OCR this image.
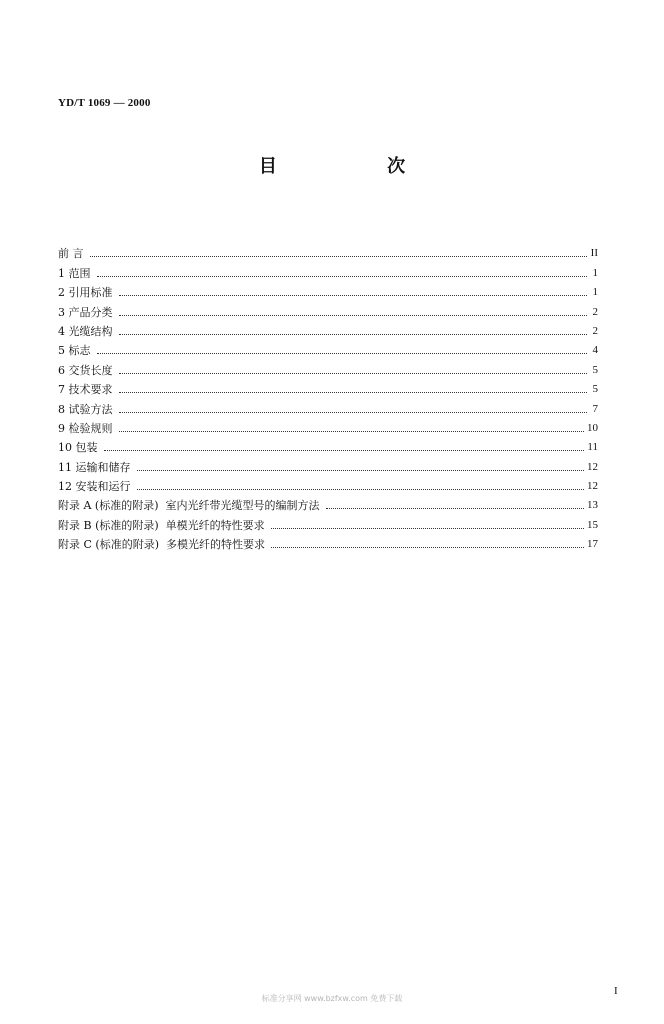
YD/T 1069 — 2000
目 次
前 言	II
1 范围	1
2 引用标准	1
3 产品分类	2
4 光缆结构	2
5 标志	4
6 交货长度	5
7 技术要求	5
8 试验方法	7
9 检验规则	10
10 包装	11
11 运输和储存	12
12 安装和运行	12
附录 A (标准的附录)  室内光纤带光缆型号的编制方法	13
附录 B (标准的附录)  单模光纤的特性要求	15
附录 C (标准的附录)  多模光纤的特性要求	17
标准分享网 www.bzfxw.com 免费下载
I
